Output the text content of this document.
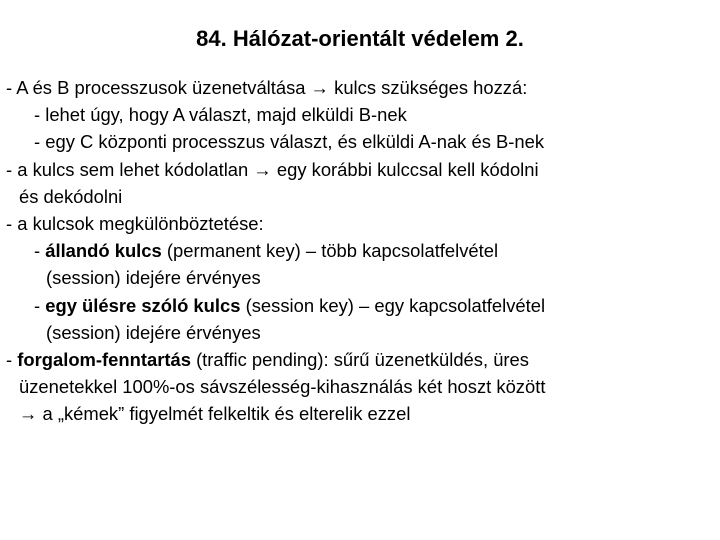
84. Hálózat-orientált védelem 2.
- A és B processzusok üzenetváltása → kulcs szükséges hozzá:
- lehet úgy, hogy A választ, majd elküldi B-nek
- egy C központi processzus választ, és elküldi A-nak és B-nek
- a kulcs sem lehet kódolatlan → egy korábbi kulccsal kell kódolni
és dekódolni
- a kulcsok megkülönböztetése:
- állandó kulcs (permanent key) – több kapcsolatfelvétel
(session) idejére érvényes
- egy ülésre szóló kulcs (session key) – egy kapcsolatfelvétel
(session) idejére érvényes
- forgalom-fenntartás (traffic pending): sűrű üzenetküldés, üres
üzenetekkel 100%-os sávszélesség-kihasználás két hoszt között
→ a „kémek” figyelmét felkeltik és elterelik ezzel
